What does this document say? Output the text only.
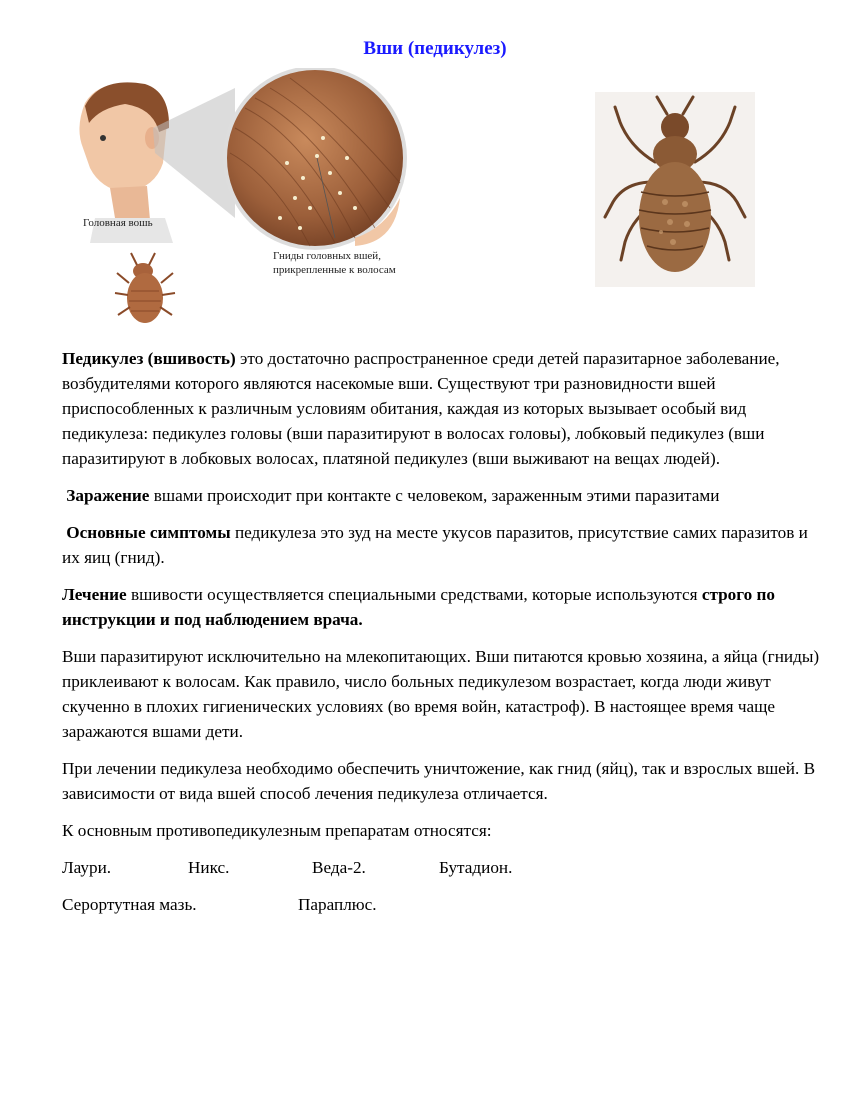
Вши (педикулез)
Головная вошь
Гниды головных вшей,
прикрепленные к волосам

Педикулез (вшивость) это достаточно распространенное среди детей паразитарное заболевание, возбудителями которого являются насекомые вши. Существуют три разновидности вшей приспособленных к различным условиям обитания, каждая из которых вызывает особый вид педикулеза: педикулез головы (вши паразитируют в волосах головы), лобковый педикулез (вши паразитируют в лобковых волосах, платяной педикулез (вши выживают на вещах людей).

Заражение вшами происходит при контакте с человеком, зараженным этими паразитами

Основные симптомы педикулеза это зуд на месте укусов паразитов, присутствие самих паразитов и их яиц (гнид).

Лечение вшивости осуществляется специальными средствами, которые используются строго по инструкции и под наблюдением врача.

Вши паразитируют исключительно на млекопитающих. Вши питаются кровью хозяина, а яйца (гниды) приклеивают к волосам. Как правило, число больных педикулезом возрастает, когда люди живут скученно в плохих гигиенических условиях (во время войн, катастроф). В настоящее время чаще заражаются вшами дети.

При лечении педикулеза необходимо обеспечить уничтожение, как гнид (яйц), так и взрослых вшей. В зависимости от вида вшей способ лечения педикулеза отличается.

К основным противопедикулезным препаратам относятся:

Лаури.	Никс.	Веда-2.	Бутадион.
Серортутная мазь.	Параплюс.
